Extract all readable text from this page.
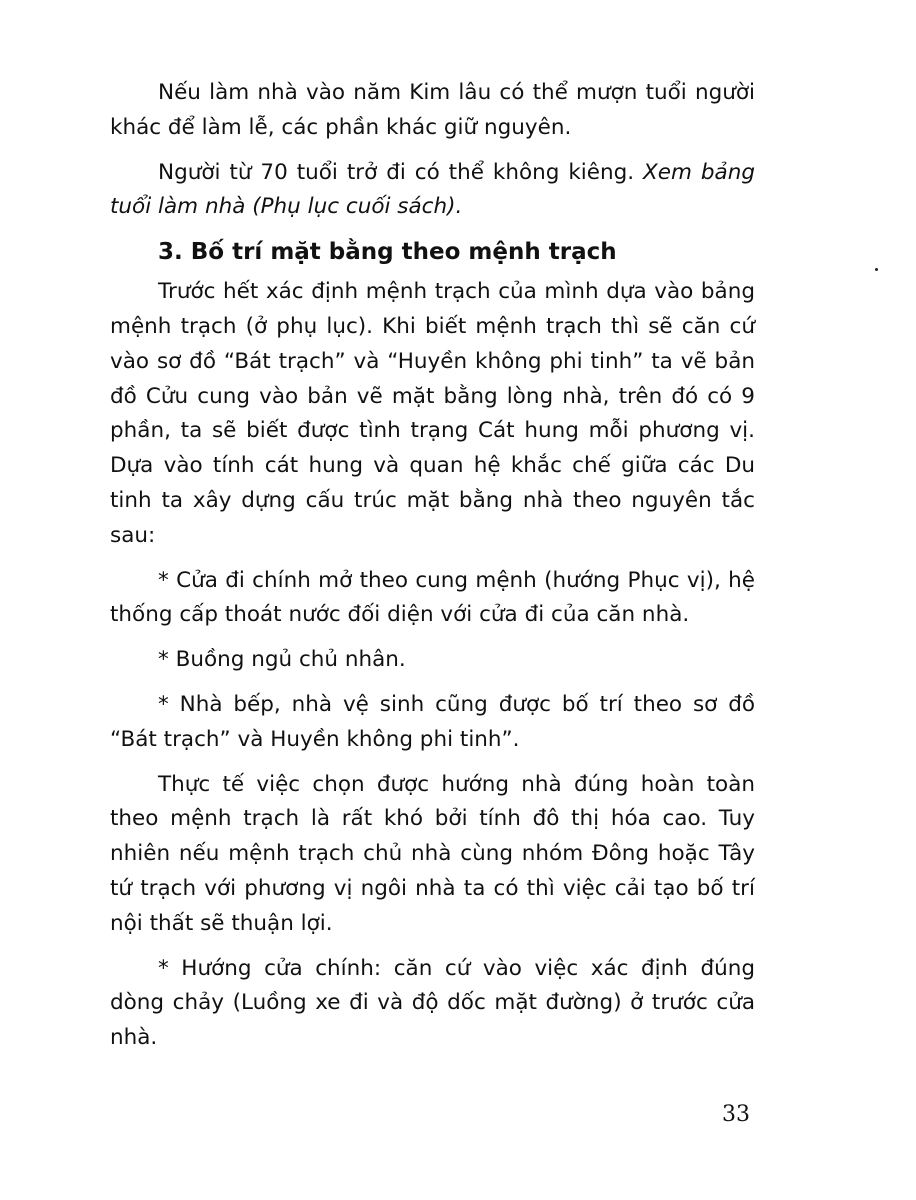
Nếu làm nhà vào năm Kim lâu có thể mượn tuổi người khác để làm lễ, các phần khác giữ nguyên.

Người từ 70 tuổi trở đi có thể không kiêng. Xem bảng tuổi làm nhà (Phụ lục cuối sách).

3. Bố trí mặt bằng theo mệnh trạch

Trước hết xác định mệnh trạch của mình dựa vào bảng mệnh trạch (ở phụ lục). Khi biết mệnh trạch thì sẽ căn cứ vào sơ đồ “Bát trạch” và “Huyền không phi tinh” ta vẽ bản đồ Cửu cung vào bản vẽ mặt bằng lòng nhà, trên đó có 9 phần, ta sẽ biết được tình trạng Cát hung mỗi phương vị. Dựa vào tính cát hung và quan hệ khắc chế giữa các Du tinh ta xây dựng cấu trúc mặt bằng nhà theo nguyên tắc sau:

* Cửa đi chính mở theo cung mệnh (hướng Phục vị), hệ thống cấp thoát nước đối diện với cửa đi của căn nhà.

* Buồng ngủ chủ nhân.

* Nhà bếp, nhà vệ sinh cũng được bố trí theo sơ đồ “Bát trạch” và Huyền không phi tinh”.

Thực tế việc chọn được hướng nhà đúng hoàn toàn theo mệnh trạch là rất khó bởi tính đô thị hóa cao. Tuy nhiên nếu mệnh trạch chủ nhà cùng nhóm Đông hoặc Tây tứ trạch với phương vị ngôi nhà ta có thì việc cải tạo bố trí nội thất sẽ thuận lợi.

* Hướng cửa chính: căn cứ vào việc xác định đúng dòng chảy (Luồng xe đi và độ dốc mặt đường) ở trước cửa nhà.

33
